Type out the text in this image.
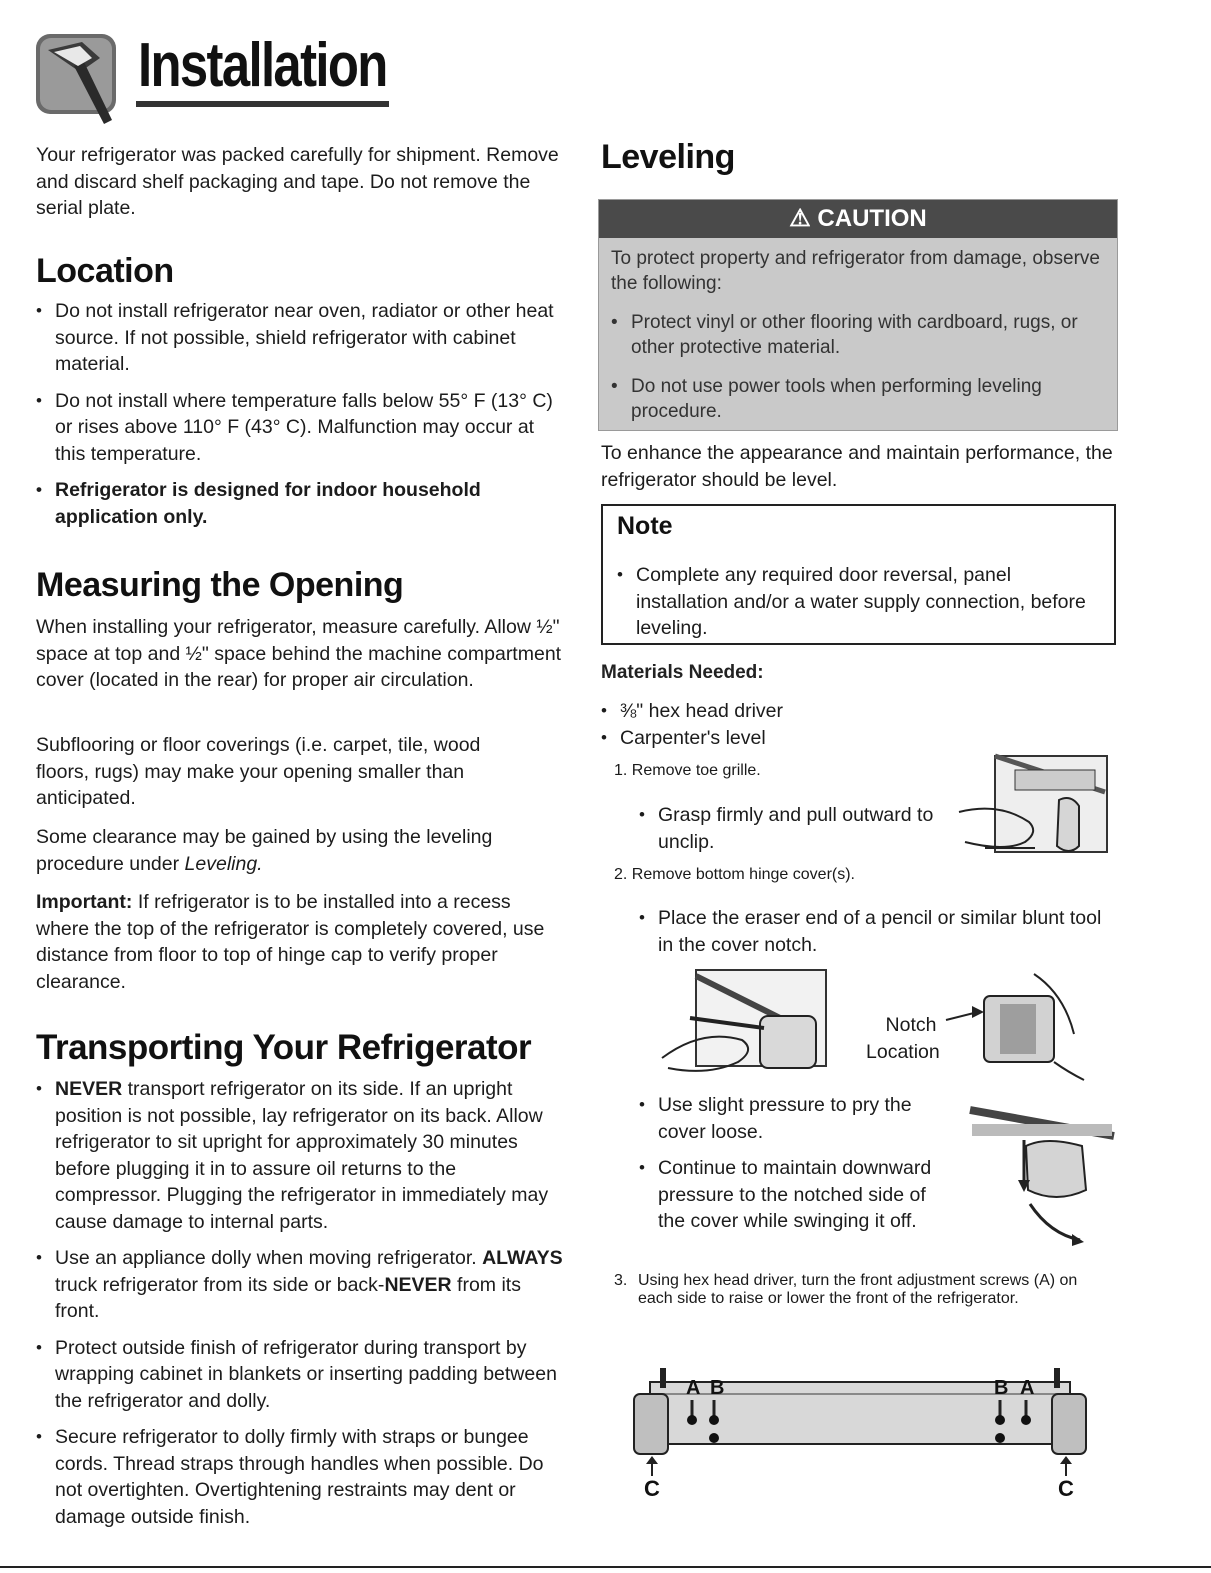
Installation

Your refrigerator was packed carefully for shipment. Remove and discard shelf packaging and tape. Do not remove the serial plate.

Location
• Do not install refrigerator near oven, radiator or other heat source. If not possible, shield refrigerator with cabinet material.
• Do not install where temperature falls below 55° F (13° C) or rises above 110° F (43° C). Malfunction may occur at this temperature.
• Refrigerator is designed for indoor household application only.
Measuring the Opening

When installing your refrigerator, measure carefully. Allow ½" space at top and ½" space behind the machine compartment cover (located in the rear) for proper air circulation.

Subflooring or floor coverings (i.e. carpet, tile, wood floors, rugs) may make your opening smaller than anticipated.

Some clearance may be gained by using the leveling procedure under Leveling.

Important: If refrigerator is to be installed into a recess where the top of the refrigerator is completely covered, use distance from floor to top of hinge cap to verify proper clearance.

Transporting Your Refrigerator
• NEVER transport refrigerator on its side. If an upright position is not possible, lay refrigerator on its back. Allow refrigerator to sit upright for approximately 30 minutes before plugging it in to assure oil returns to the compressor. Plugging the refrigerator in immediately may cause damage to internal parts.
• Use an appliance dolly when moving refrigerator. ALWAYS truck refrigerator from its side or back-NEVER from its front.
• Protect outside finish of refrigerator during transport by wrapping cabinet in blankets or inserting padding between the refrigerator and dolly.
• Secure refrigerator to dolly firmly with straps or bungee cords. Thread straps through handles when possible. Do not overtighten. Overtightening restraints may dent or damage outside finish.
Leveling
⚠ CAUTION
To protect property and refrigerator from damage, observe the following:
• Protect vinyl or other flooring with cardboard, rugs, or other protective material.
• Do not use power tools when performing leveling procedure.

To enhance the appearance and maintain performance, the refrigerator should be level.

Note
• Complete any required door reversal, panel installation and/or a water supply connection, before leveling.
Materials Needed:
• ⅜" hex head driver
• Carpenter's level
1. Remove toe grille.
• Grasp firmly and pull outward to unclip.
2. Remove bottom hinge cover(s).
• Place the eraser end of a pencil or similar blunt tool in the cover notch.
Notch
Location
• Use slight pressure to pry the cover loose.
• Continue to maintain downward pressure to the notched side of the cover while swinging it off.
3. Using hex head driver, turn the front adjustment screws (A) on each side to raise or lower the front of the refrigerator.
A B	B A
C	C
